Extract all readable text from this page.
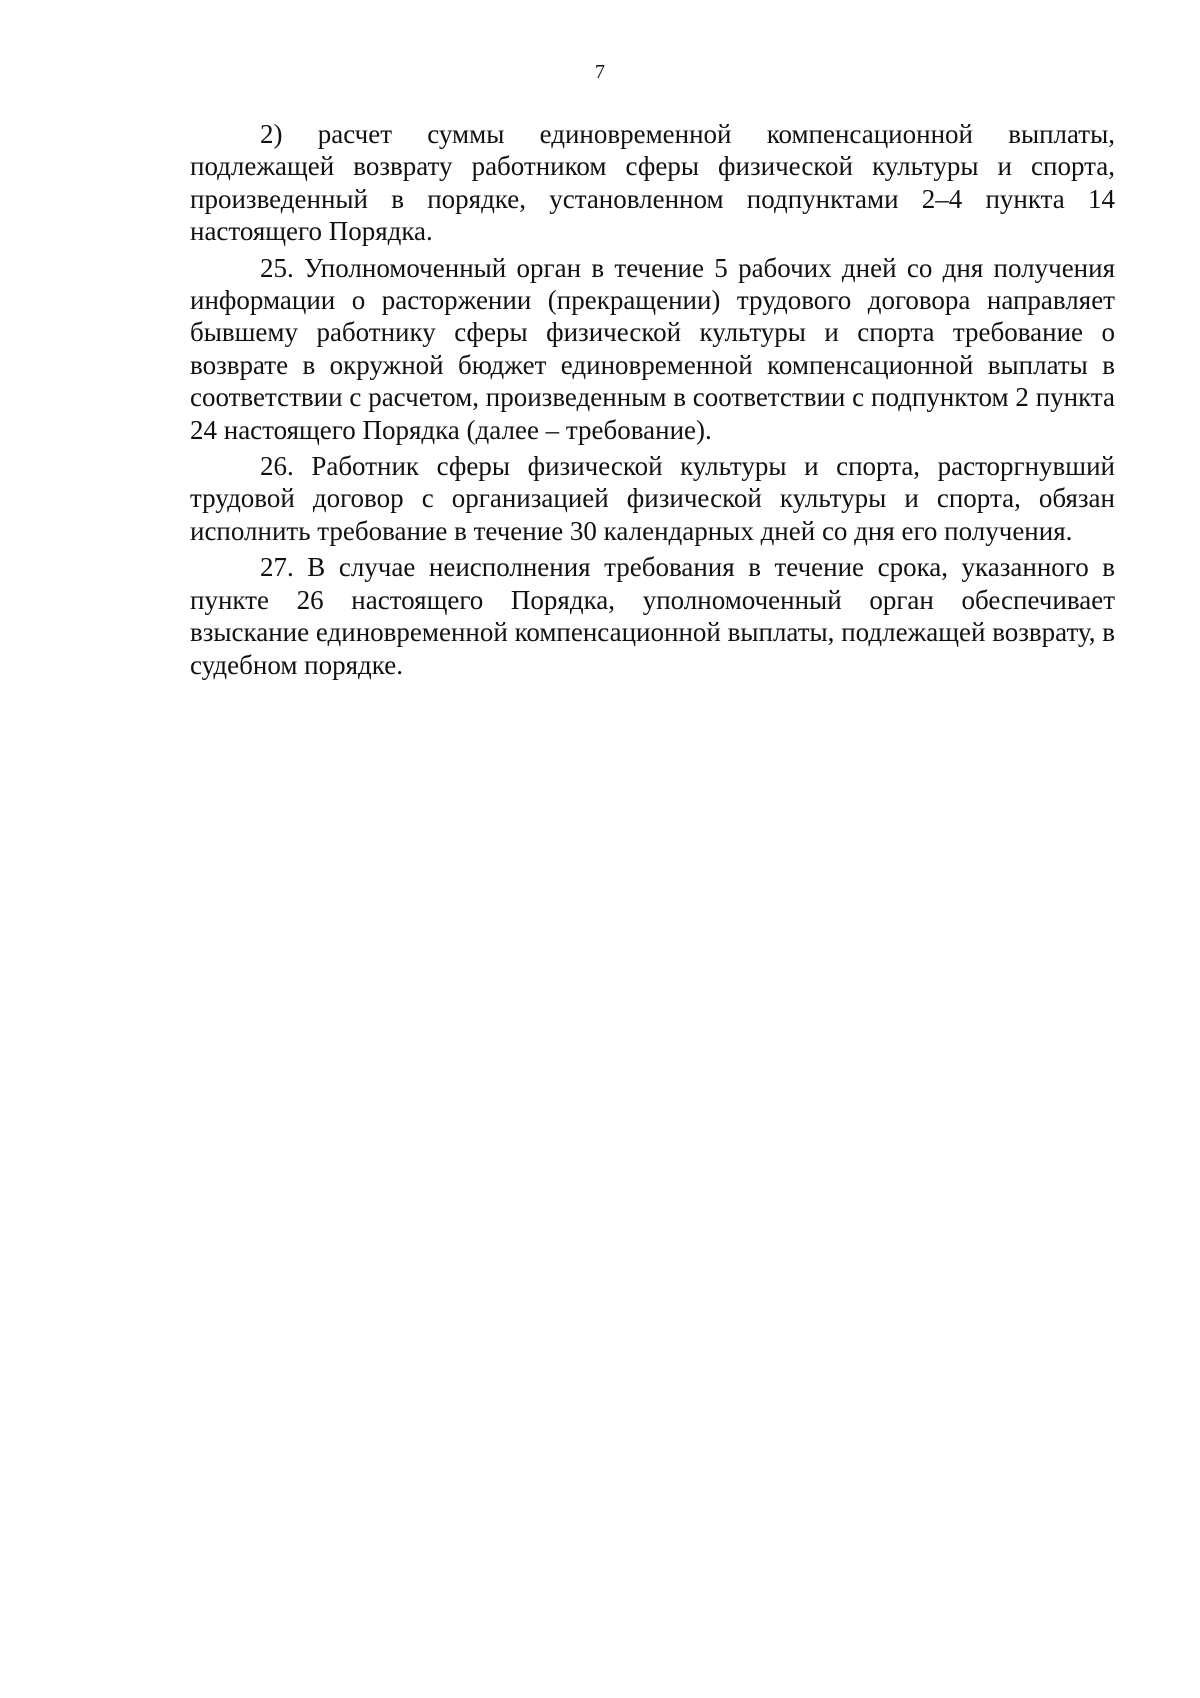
7

2) расчет суммы единовременной компенсационной выплаты, подлежащей возврату работником сферы физической культуры и спорта, произведенный в порядке, установленном подпунктами 2–4 пункта 14 настоящего Порядка.

25. Уполномоченный орган в течение 5 рабочих дней со дня получения информации о расторжении (прекращении) трудового договора направляет бывшему работнику сферы физической культуры и спорта требование о возврате в окружной бюджет единовременной компенсационной выплаты в соответствии с расчетом, произведенным в соответствии с подпунктом 2 пункта 24 настоящего Порядка (далее – требование).

26. Работник сферы физической культуры и спорта, расторгнувший трудовой договор с организацией физической культуры и спорта, обязан исполнить требование в течение 30 календарных дней со дня его получения.

27. В случае неисполнения требования в течение срока, указанного в пункте 26 настоящего Порядка, уполномоченный орган обеспечивает взыскание единовременной компенсационной выплаты, подлежащей возврату, в судебном порядке.
